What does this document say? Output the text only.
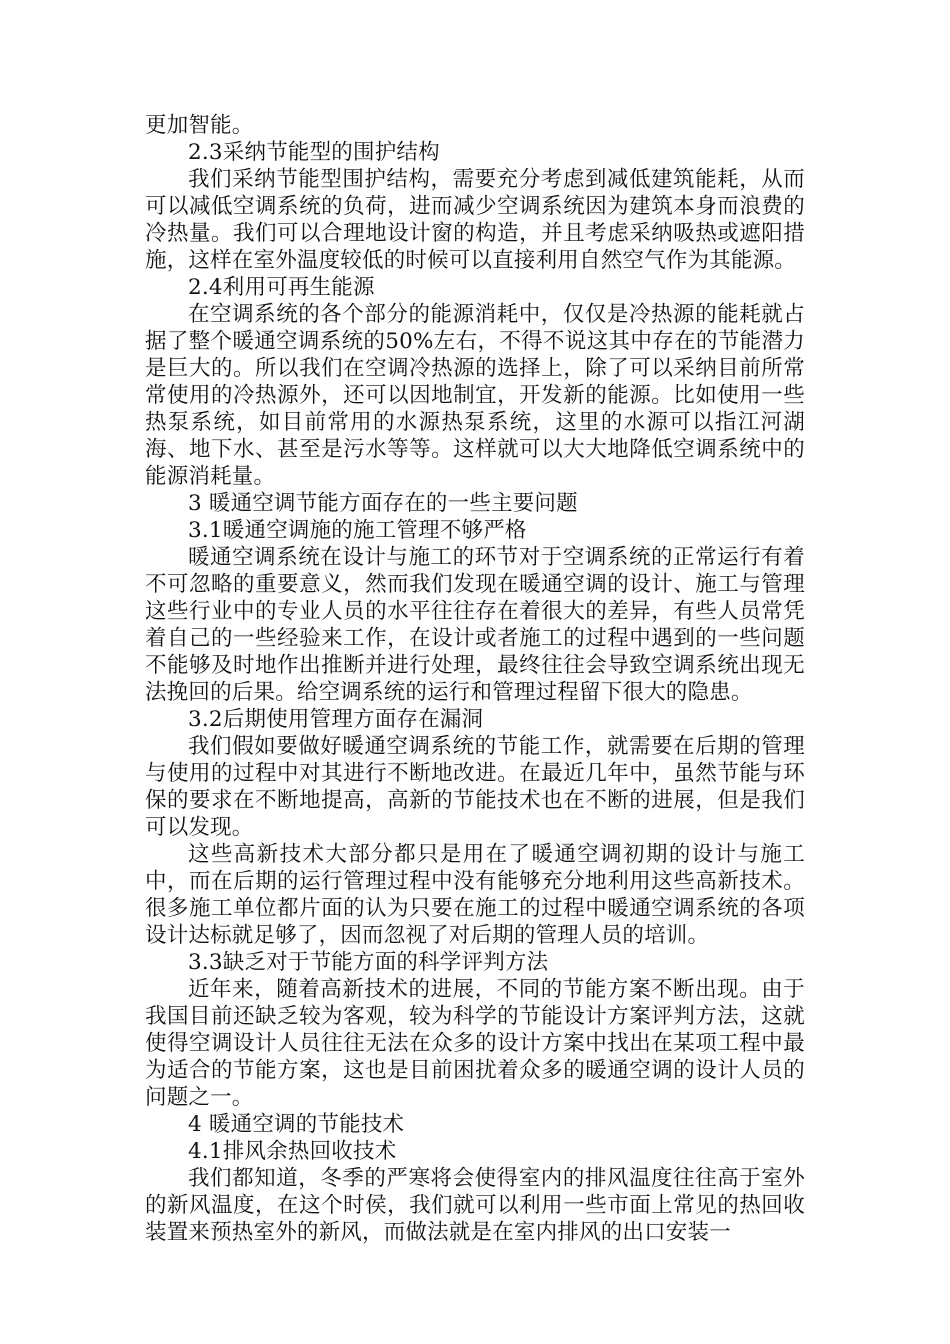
更加智能。

2.3采纳节能型的围护结构

我们采纳节能型围护结构，需要充分考虑到减低建筑能耗，从而可以减低空调系统的负荷，进而减少空调系统因为建筑本身而浪费的冷热量。我们可以合理地设计窗的构造，并且考虑采纳吸热或遮阳措施，这样在室外温度较低的时候可以直接利用自然空气作为其能源。

2.4利用可再生能源

在空调系统的各个部分的能源消耗中，仅仅是冷热源的能耗就占据了整个暖通空调系统的50%左右，不得不说这其中存在的节能潜力是巨大的。所以我们在空调冷热源的选择上，除了可以采纳目前所常常使用的冷热源外，还可以因地制宜，开发新的能源。比如使用一些热泵系统，如目前常用的水源热泵系统，这里的水源可以指江河湖海、地下水、甚至是污水等等。这样就可以大大地降低空调系统中的能源消耗量。

3 暖通空调节能方面存在的一些主要问题

3.1暖通空调施的施工管理不够严格

暖通空调系统在设计与施工的环节对于空调系统的正常运行有着不可忽略的重要意义，然而我们发现在暖通空调的设计、施工与管理这些行业中的专业人员的水平往往存在着很大的差异，有些人员常凭着自己的一些经验来工作，在设计或者施工的过程中遇到的一些问题不能够及时地作出推断并进行处理，最终往往会导致空调系统出现无法挽回的后果。给空调系统的运行和管理过程留下很大的隐患。

3.2后期使用管理方面存在漏洞

我们假如要做好暖通空调系统的节能工作，就需要在后期的管理与使用的过程中对其进行不断地改进。在最近几年中，虽然节能与环保的要求在不断地提高，高新的节能技术也在不断的进展，但是我们可以发现。

这些高新技术大部分都只是用在了暖通空调初期的设计与施工中，而在后期的运行管理过程中没有能够充分地利用这些高新技术。很多施工单位都片面的认为只要在施工的过程中暖通空调系统的各项设计达标就足够了，因而忽视了对后期的管理人员的培训。

3.3缺乏对于节能方面的科学评判方法

近年来，随着高新技术的进展，不同的节能方案不断出现。由于我国目前还缺乏较为客观，较为科学的节能设计方案评判方法，这就使得空调设计人员往往无法在众多的设计方案中找出在某项工程中最为适合的节能方案，这也是目前困扰着众多的暖通空调的设计人员的问题之一。

4 暖通空调的节能技术

4.1排风余热回收技术

我们都知道，冬季的严寒将会使得室内的排风温度往往高于室外的新风温度，在这个时侯，我们就可以利用一些市面上常见的热回收装置来预热室外的新风，而做法就是在室内排风的出口安装一
